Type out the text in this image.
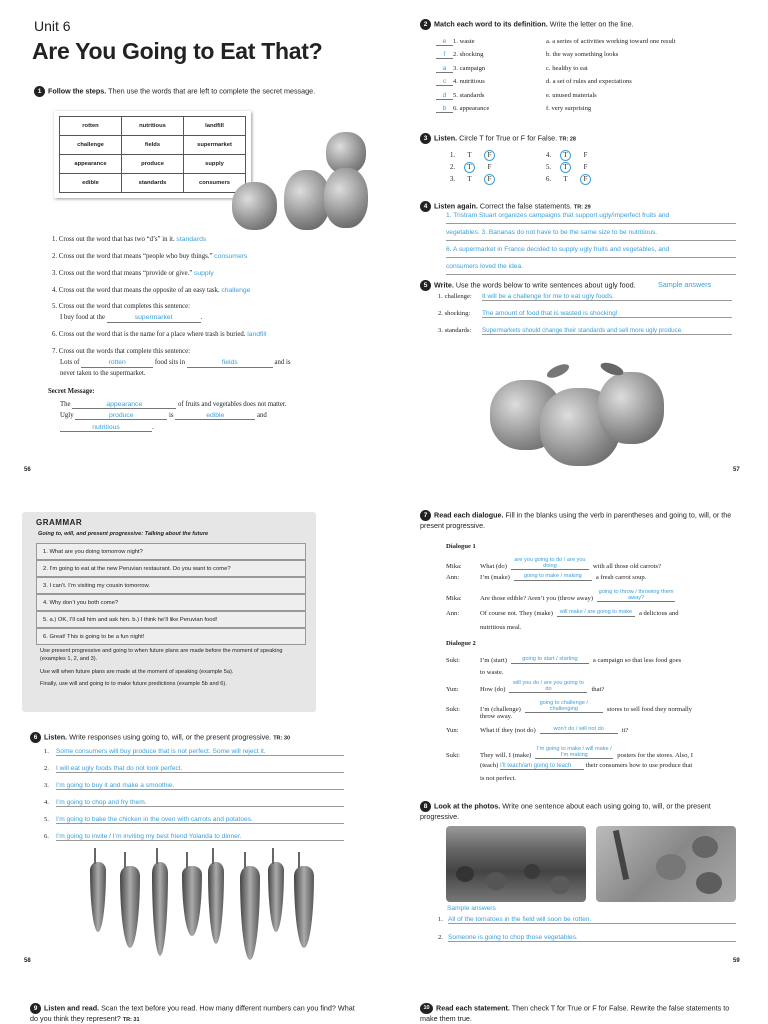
Unit 6
Are You Going to Eat That?
1 Follow the steps. Then use the words that are left to complete the secret message.
rotten	nutritious	landfill
challenge	fields	supermarket
appearance	produce	supply
edible	standards	consumers
1. Cross out the word that has two “d’s” in it. standards
2. Cross out the word that means “people who buy things.” consumers
3. Cross out the word that means “provide or give.” supply
4. Cross out the word that means the opposite of an easy task. challenge
5. Cross out the word that completes this sentence:
I buy food at the	supermarket	.
6. Cross out the word that is the name for a place where trash is buried. landfill
7. Cross out the words that complete this sentence:
Lots of	rotten	food sits in	fields	and is
never taken to the supermarket.
Secret Message:
The	appearance	of fruits and vegetables does not matter.
Ugly	produce	is	edible	and
nutritious	.
56
2 Match each word to its definition. Write the letter on the line.
e 1. waste	a. a series of activities working toward one result
f 2. shocking	b. the way something looks
a 3. campaign	c. healthy to eat
c 4. nutritious	d. a set of rules and expectations
d 5. standards	e. unused materials
b 6. appearance	f. very surprising
3 Listen. Circle T for True or F for False. TR: 28
1. T F
2. T F
3. T F
4. T F
5. T F
6. T F
4 Listen again. Correct the false statements. TR: 29
1. Tristram Stuart organizes campaigns that support ugly/imperfect fruits and
vegetables. 3. Bananas do not have to be the same size to be nutritious.
6. A supermarket in France decided to supply ugly fruits and vegetables, and
consumers loved the idea.
5 Write. Use the words below to write sentences about ugly food.	Sample answers
1. challenge: It will be a challenge for me to eat ugly foods.
2. shocking: The amount of food that is wasted is shocking!
3. standards: Supermarkets should change their standards and sell more ugly produce.
57
GRAMMAR
Going to, will, and present progressive: Talking about the future
1. What are you doing tomorrow night?
2. I’m going to eat at the new Peruvian restaurant. Do you want to come?
3. I can’t. I’m visiting my cousin tomorrow.
4. Why don’t you both come?
5. a.) OK, I’ll call him and ask him. b.) I think he’ll like Peruvian food!
6. Great! This is going to be a fun night!
Use present progressive and going to when future plans are made before the moment of speaking (examples 1, 2, and 3).
Use will when future plans are made at the moment of speaking (example 5a).
Finally, use will and going to to make future predictions (example 5b and 6).
6 Listen. Write responses using going to, will, or the present progressive. TR: 30
1. Some consumers will buy produce that is not perfect. Some will reject it.
2. I will eat ugly foods that do not look perfect.
3. I’m going to buy it and make a smoothie.
4. I’m going to chop and fry them.
5. I’m going to bake the chicken in the oven with carrots and potatoes.
6. I’m going to invite / I’m inviting my best friend Yolanda to dinner.
58
7 Read each dialogue. Fill in the blanks using the verb in parentheses and going to, will, or the present progressive.
Dialogue 1
Mika:	What (do)are you going to do / are you doing	with all those old carrots?
Ann:	I’m (make)	going to make / making a fresh carrot soup.
Mika:	Are those edible? Aren’t you (throw away)going to throw / throwing them away?
Ann:	Of course not. They (make) will make / are going to make a delicious and
nutritious meal.
Dialogue 2
Suki:	I’m (start)	going to start / starting a campaign so that less food goes
Yun:	How (do)will you do / are you going to do	that?
Suki:	I’m (challenge)going to challenge / challenging	stores to sell food they normally
Yun:	What if they (not do)	won’t do / will not do	it?
Suki:	They will. I (make)I’m going to make / will make / I’m making	posters for the stores. Also, I
to waste.
throw away.
(teach) I’ll teach/am going to teach their consumers how to use produce that
is not perfect.
8 Look at the photos. Write one sentence about each using going to, will, or the present progressive.
Sample answers
1. All of the tomatoes in the field will soon be rotten.
2. Someone is going to chop those vegetables.
59
9 Listen and read. Scan the text before you read. How many different numbers can you find? What do you think they represent? TR: 31
10 Read each statement. Then check T for True or F for False. Rewrite the false statements to make them true.
